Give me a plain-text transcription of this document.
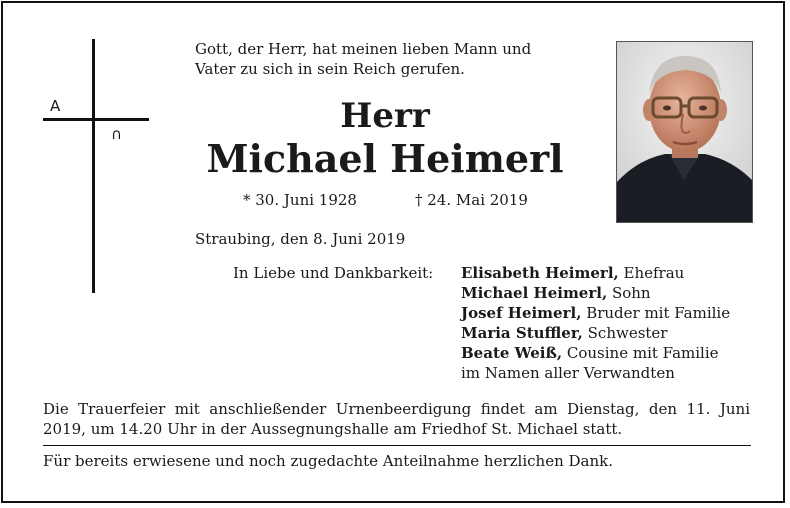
A
∩
Gott, der Herr, hat meinen lieben Mann und
Vater zu sich in sein Reich gerufen.
Herr
Michael Heimerl
* 30. Juni 1928	† 24. Mai 2019
Straubing, den 8. Juni 2019
In Liebe und Dankbarkeit: Elisabeth Heimerl, Ehefrau
Michael Heimerl, Sohn
Josef Heimerl, Bruder mit Familie
Maria Stuffler, Schwester
Beate Weiß, Cousine mit Familie
im Namen aller Verwandten
Die Trauerfeier mit anschließender Urnenbeerdigung findet am Dienstag, den 11. Juni 2019, um 14.20 Uhr in der Aussegnungshalle am Friedhof St. Michael statt.
Für bereits erwiesene und noch zugedachte Anteilnahme herzlichen Dank.
